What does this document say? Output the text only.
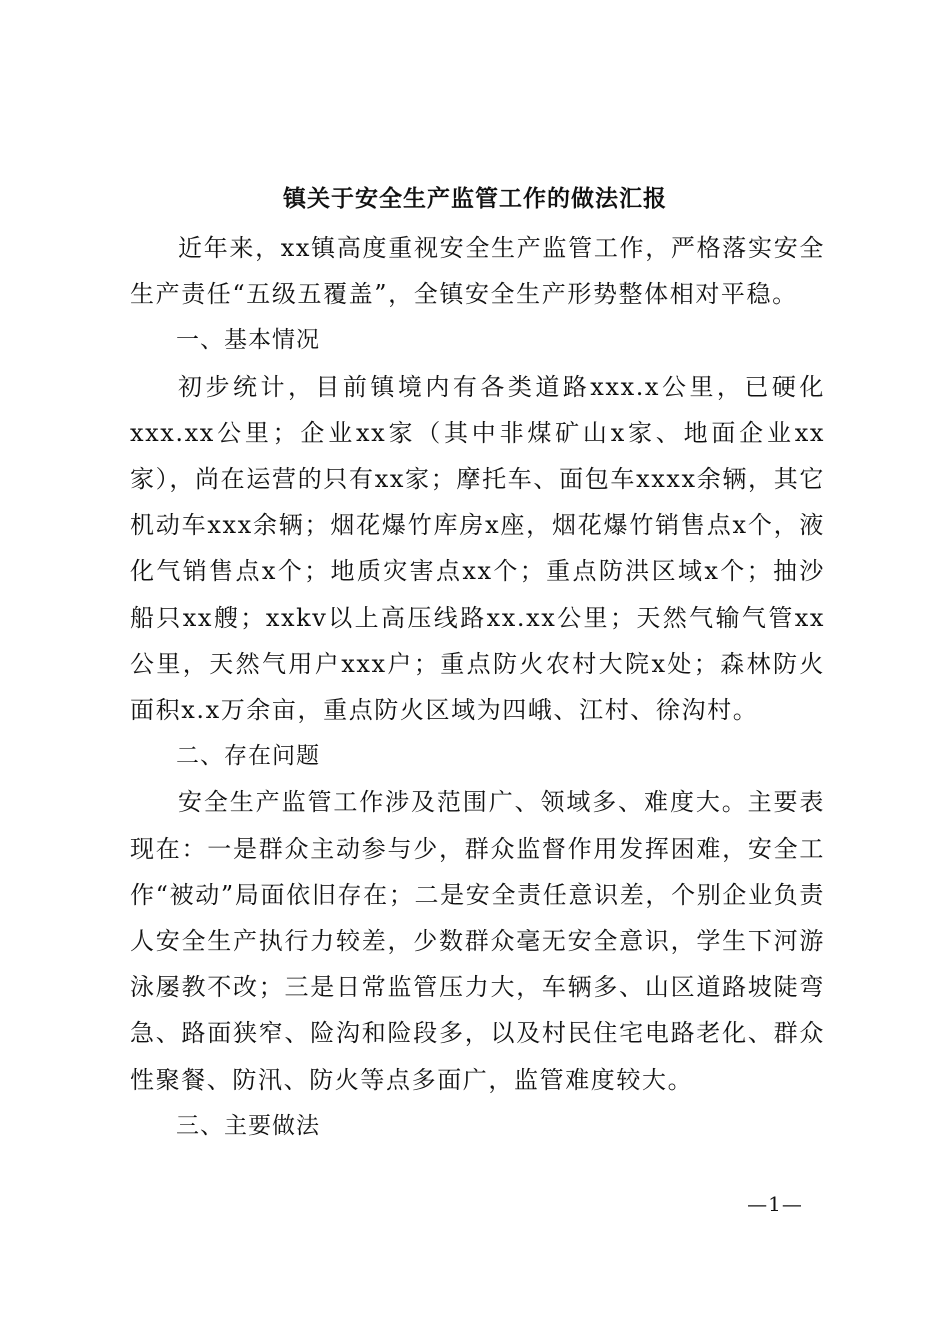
镇关于安全生产监管工作的做法汇报

近年来，xx镇高度重视安全生产监管工作，严格落实安全生产责任“五级五覆盖”，全镇安全生产形势整体相对平稳。

一、基本情况

初步统计，目前镇境内有各类道路xxx.x公里，已硬化xxx.xx公里；企业xx家（其中非煤矿山x家、地面企业xx家），尚在运营的只有xx家；摩托车、面包车xxxx余辆，其它机动车xxx余辆；烟花爆竹库房x座，烟花爆竹销售点x个，液化气销售点x个；地质灾害点xx个；重点防洪区域x个；抽沙船只xx艘；xxkv以上高压线路xx.xx公里；天然气输气管xx公里，天然气用户xxx户；重点防火农村大院x处；森林防火面积x.x万余亩，重点防火区域为四峨、江村、徐沟村。

二、存在问题

安全生产监管工作涉及范围广、领域多、难度大。主要表现在：一是群众主动参与少，群众监督作用发挥困难，安全工作“被动”局面依旧存在；二是安全责任意识差，个别企业负责人安全生产执行力较差，少数群众毫无安全意识，学生下河游泳屡教不改；三是日常监管压力大，车辆多、山区道路坡陡弯急、路面狭窄、险沟和险段多，以及村民住宅电路老化、群众性聚餐、防汛、防火等点多面广，监管难度较大。

三、主要做法

—1—
